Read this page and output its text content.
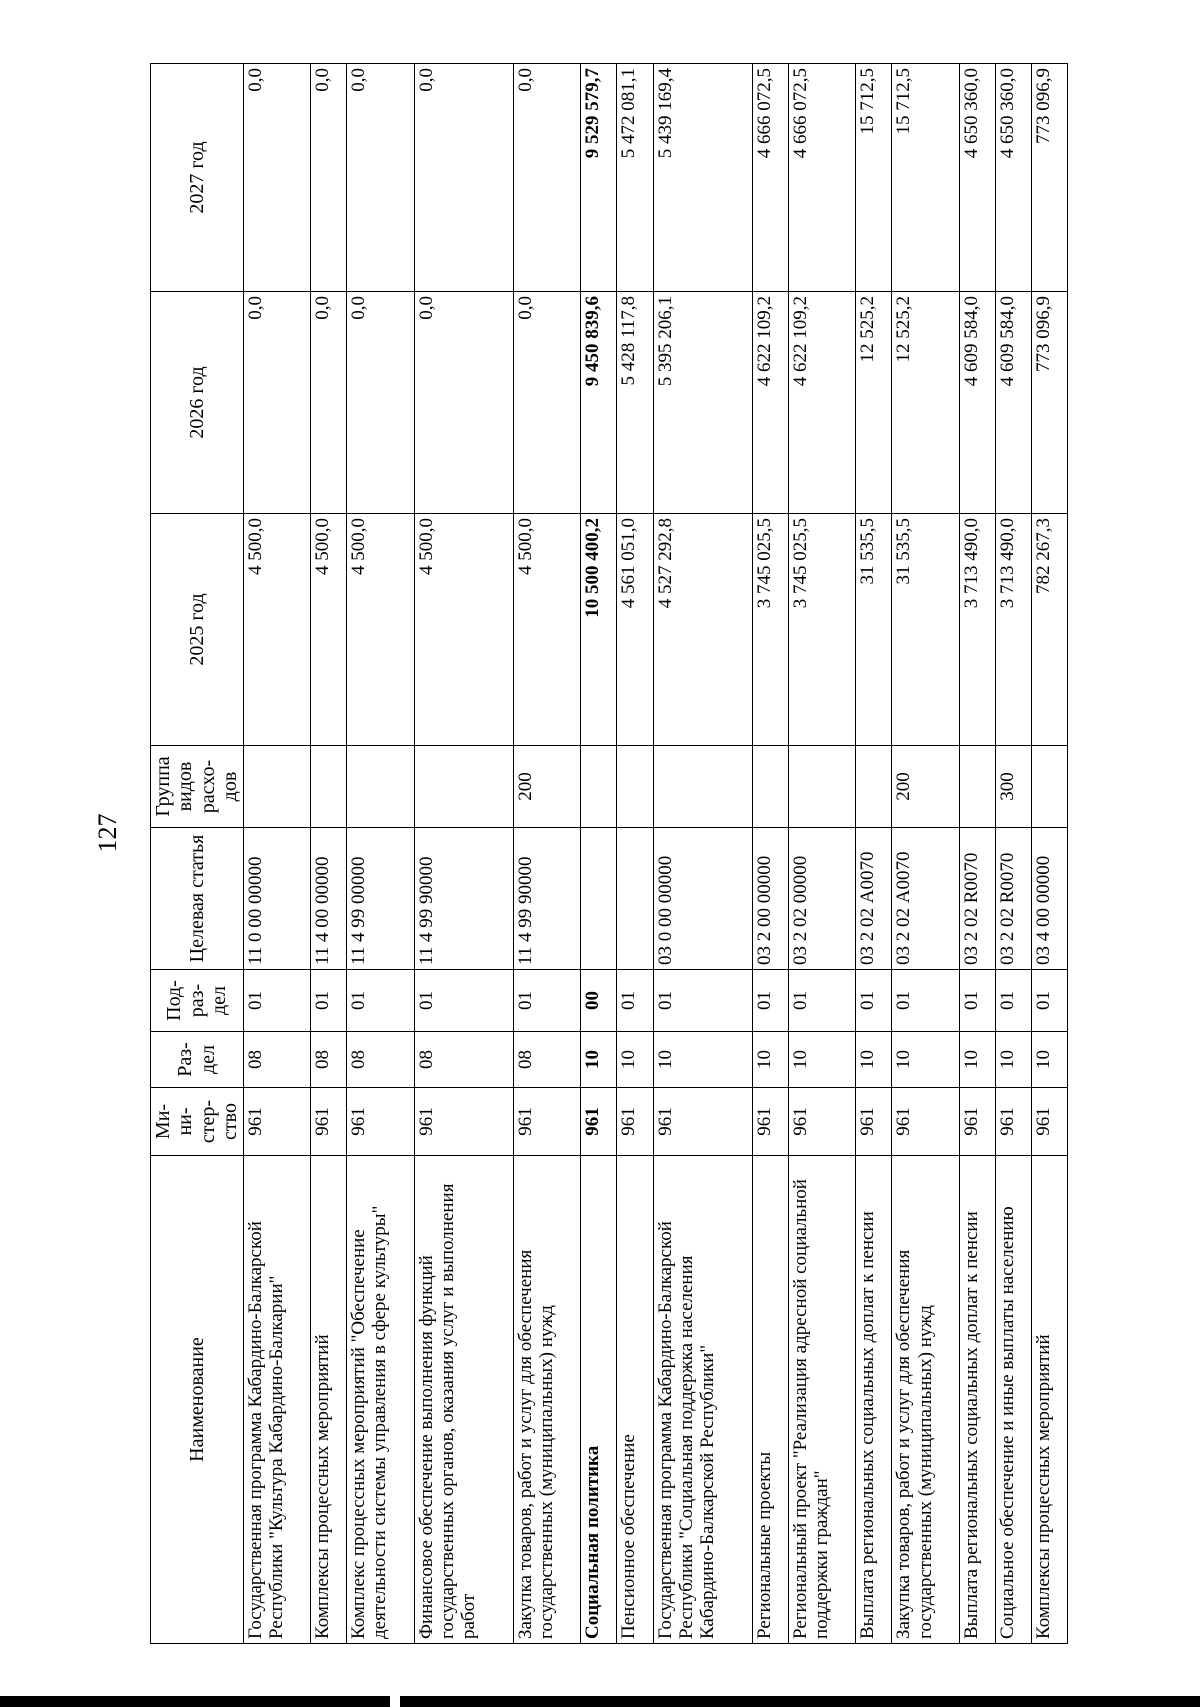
127
Наименование	Ми-ни-стер-ство	Раз-дел	Под-раз-дел	Целевая статья	Группа видов расхо-дов	2025 год	2026 год	2027 год
Государственная программа Кабардино-Балкарской Республики "Культура Кабардино-Балкарии"	961	08	01	11 0 00 00000		4 500,0	0,0	0,0
Комплексы процессных мероприятий	961	08	01	11 4 00 00000		4 500,0	0,0	0,0
Комплекс процессных мероприятий "Обеспечение деятельности системы управления в сфере культуры"	961	08	01	11 4 99 00000		4 500,0	0,0	0,0
Финансовое обеспечение выполнения функций государственных органов, оказания услуг и выполнения работ	961	08	01	11 4 99 90000		4 500,0	0,0	0,0
Закупка товаров, работ и услуг для обеспечения государственных (муниципальных) нужд	961	08	01	11 4 99 90000	200	4 500,0	0,0	0,0
Социальная политика	961	10	00			10 500 400,2	9 450 839,6	9 529 579,7
Пенсионное обеспечение	961	10	01			4 561 051,0	5 428 117,8	5 472 081,1
Государственная программа Кабардино-Балкарской Республики "Социальная поддержка населения Кабардино-Балкарской Республики"	961	10	01	03 0 00 00000		4 527 292,8	5 395 206,1	5 439 169,4
Региональные проекты	961	10	01	03 2 00 00000		3 745 025,5	4 622 109,2	4 666 072,5
Региональный проект "Реализация адресной социальной поддержки граждан"	961	10	01	03 2 02 00000		3 745 025,5	4 622 109,2	4 666 072,5
Выплата региональных социальных доплат к пенсии	961	10	01	03 2 02 А0070		31 535,5	12 525,2	15 712,5
Закупка товаров, работ и услуг для обеспечения государственных (муниципальных) нужд	961	10	01	03 2 02 А0070	200	31 535,5	12 525,2	15 712,5
Выплата региональных социальных доплат к пенсии	961	10	01	03 2 02 R0070		3 713 490,0	4 609 584,0	4 650 360,0
Социальное обеспечение и иные выплаты населению	961	10	01	03 2 02 R0070	300	3 713 490,0	4 609 584,0	4 650 360,0
Комплексы процессных мероприятий	961	10	01	03 4 00 00000		782 267,3	773 096,9	773 096,9
